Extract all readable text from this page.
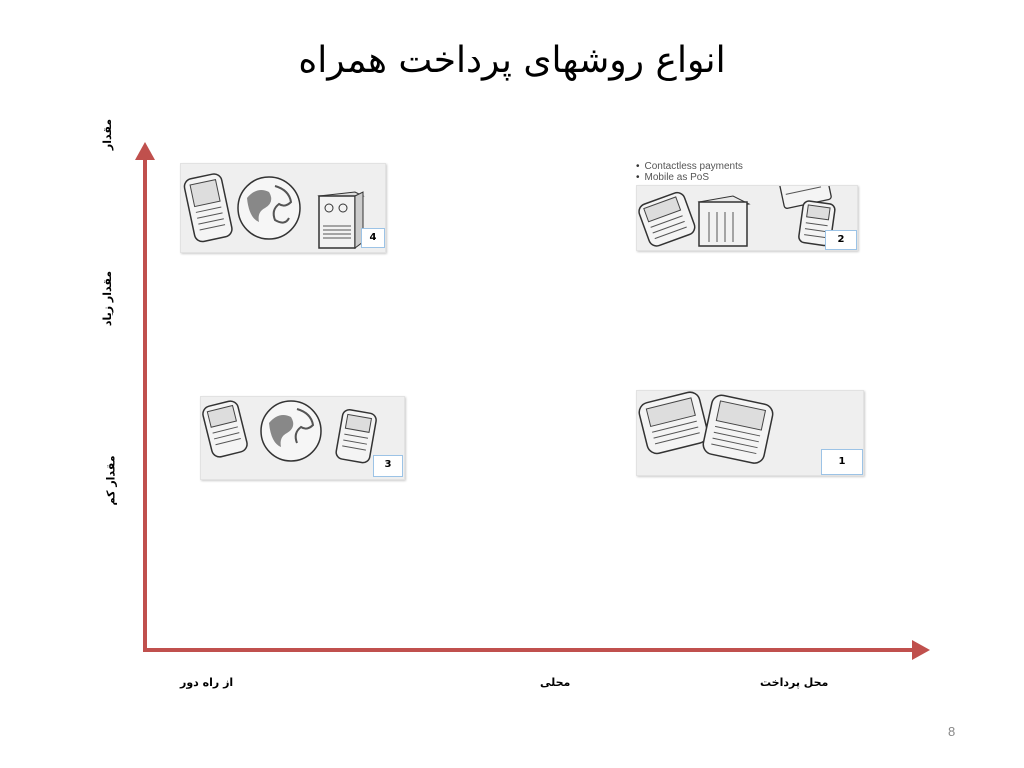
انواع روشهای پرداخت همراه
مقدار
مقدار زیاد
مقدار کم
از راه دور	محلی	محل پرداخت
4
• Contactless payments
• Mobile as PoS
2
3	1
8
